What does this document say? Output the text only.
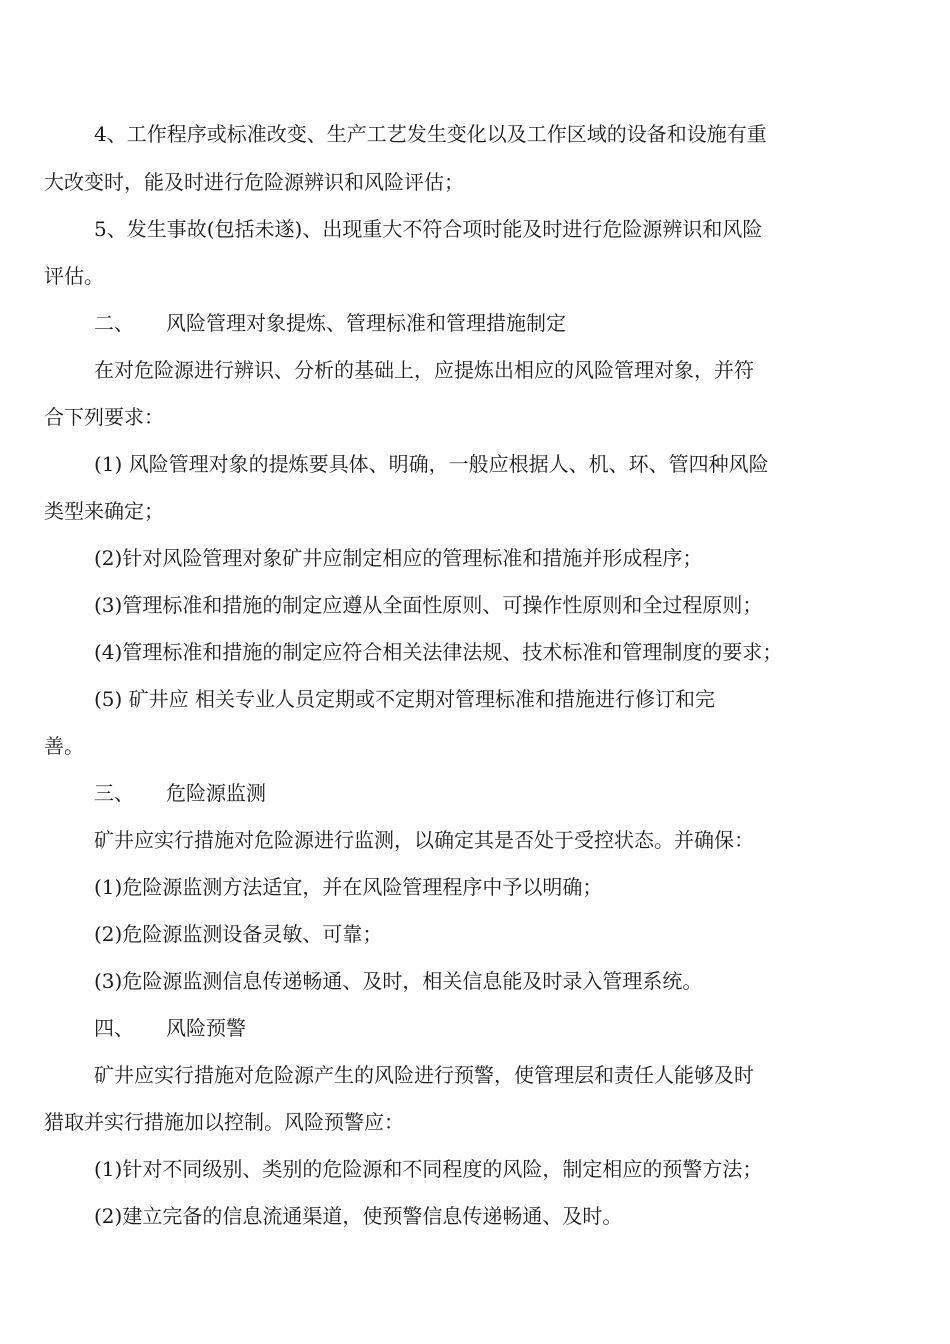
4、工作程序或标准改变、生产工艺发生变化以及工作区域的设备和设施有重
大改变时，能及时进行危险源辨识和风险评估；
5、发生事故(包括未遂)、出现重大不符合项时能及时进行危险源辨识和风险
评估。
二、 风险管理对象提炼、管理标准和管理措施制定
在对危险源进行辨识、分析的基础上，应提炼出相应的风险管理对象，并符
合下列要求：
(1) 风险管理对象的提炼要具体、明确，一般应根据人、机、环、管四种风险
类型来确定；
(2)针对风险管理对象矿井应制定相应的管理标准和措施并形成程序；
(3)管理标准和措施的制定应遵从全面性原则、可操作性原则和全过程原则；
(4)管理标准和措施的制定应符合相关法律法规、技术标准和管理制度的要求；
(5) 矿井应 相关专业人员定期或不定期对管理标准和措施进行修订和完
善。
三、 危险源监测
矿井应实行措施对危险源进行监测，以确定其是否处于受控状态。并确保：
(1)危险源监测方法适宜，并在风险管理程序中予以明确；
(2)危险源监测设备灵敏、可靠；
(3)危险源监测信息传递畅通、及时，相关信息能及时录入管理系统。
四、 风险预警
矿井应实行措施对危险源产生的风险进行预警，使管理层和责任人能够及时
猎取并实行措施加以控制。风险预警应：
(1)针对不同级别、类别的危险源和不同程度的风险，制定相应的预警方法；
(2)建立完备的信息流通渠道，使预警信息传递畅通、及时。
